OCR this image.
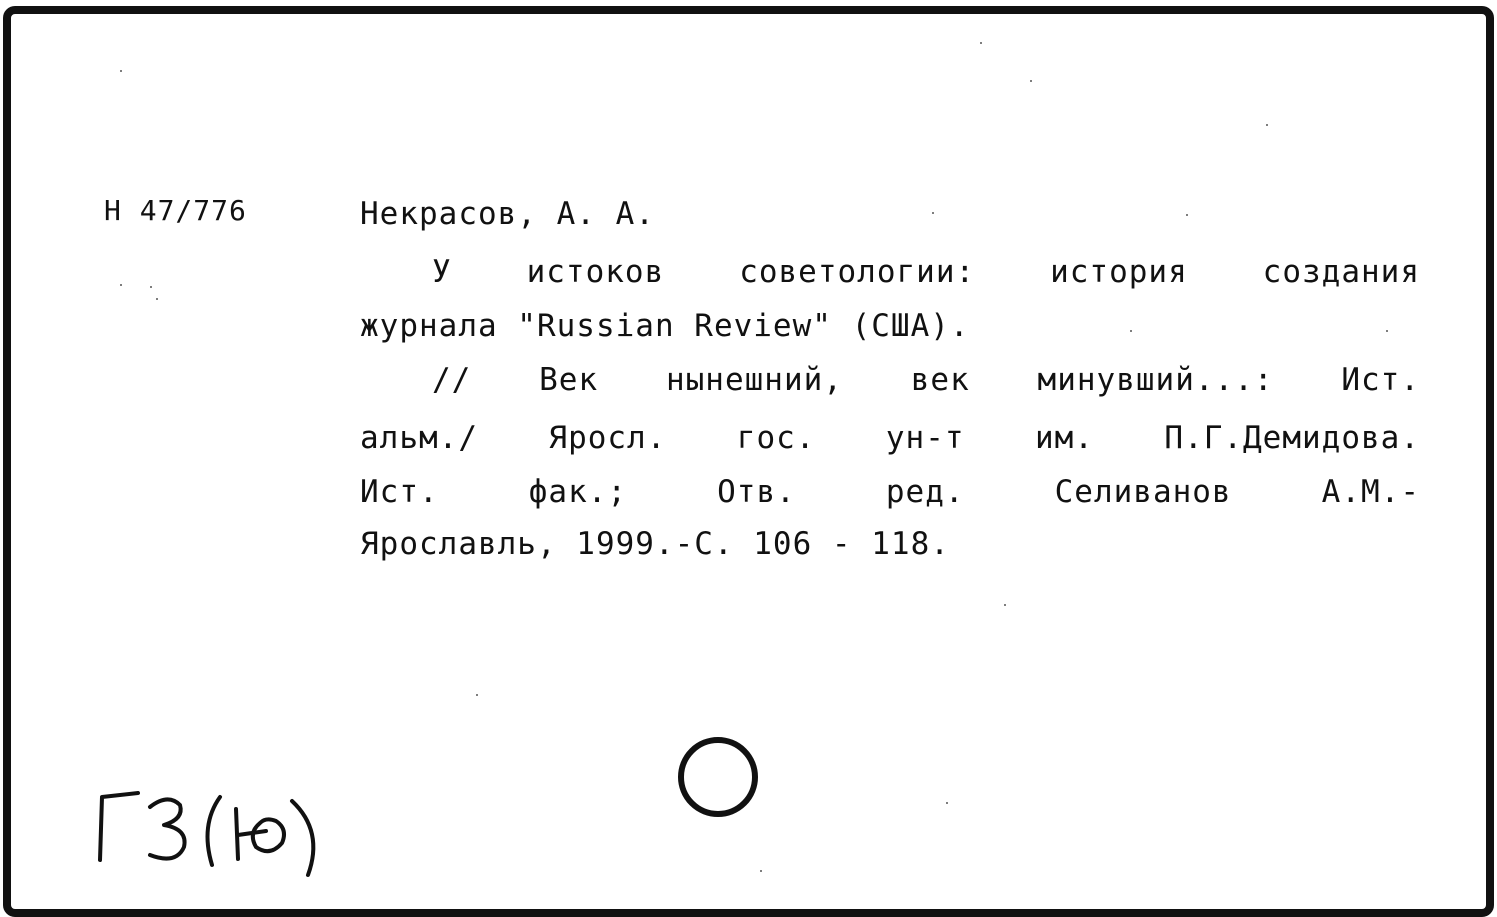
Н 47/776	Некрасов, А. А.
У истоков советологии: история создания
журнала "Russian Review" (США).
// Век нынешний, век минувший...: Ист.
альм./ Яросл. гос. ун-т им. П.Г.Демидова.
Ист. фак.; Отв. ред. Селиванов А.М.-
Ярославль, 1999.-С. 106 - 118.
